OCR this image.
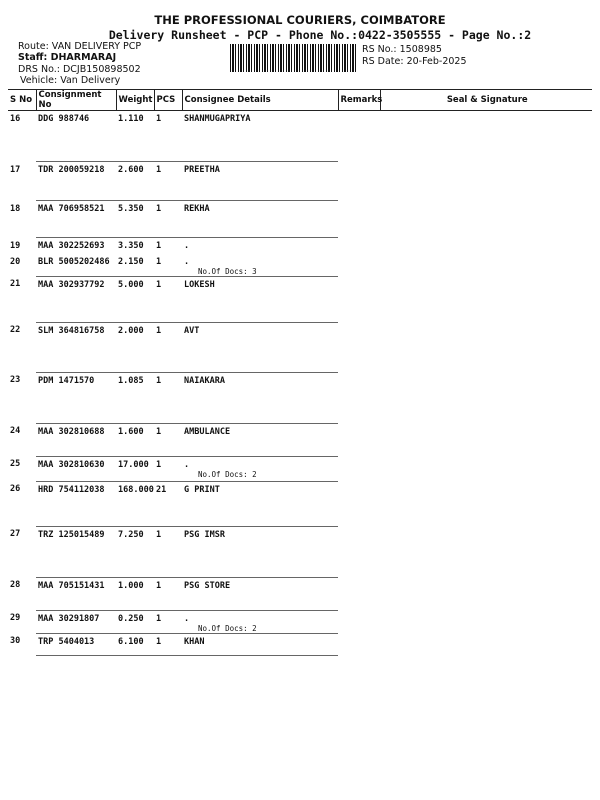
THE PROFESSIONAL COURIERS, COIMBATORE
Delivery Runsheet - PCP - Phone No.:0422-3505555 - Page No.:2
Route: VAN DELIVERY PCP
Staff: DHARMARAJ
DRS No.: DCJB150898502
Vehicle: Van Delivery
RS No.: 1508985
RS Date: 20-Feb-2025
S No	Consignment No	Weight	PCS	Consignee Details	Remarks	Seal & Signature
16	DDG 988746	1.110	1	SHANMUGAPRIYA		
17	TDR 200059218	2.600	1	PREETHA		
18	MAA 706958521	5.350	1	REKHA		
19	MAA 302252693	3.350	1	.		
20	BLR 5005202486	2.150	1	.
No.Of Docs: 3		

21	MAA 302937792	5.000	1	LOKESH		
22	SLM 364816758	2.000	1	AVT		
23	PDM 1471570	1.085	1	NAIAKARA		
24	MAA 302810688	1.600	1	AMBULANCE		
25	MAA 302810630	17.000	1	.
No.Of Docs: 2		

26	HRD 754112038	168.000	21	G PRINT		
27	TRZ 125015489	7.250	1	PSG IMSR		
28	MAA 705151431	1.000	1	PSG STORE		
29	MAA 30291807	0.250	1	.
No.Of Docs: 2		

30	TRP 5404013	6.100	1	KHAN		
